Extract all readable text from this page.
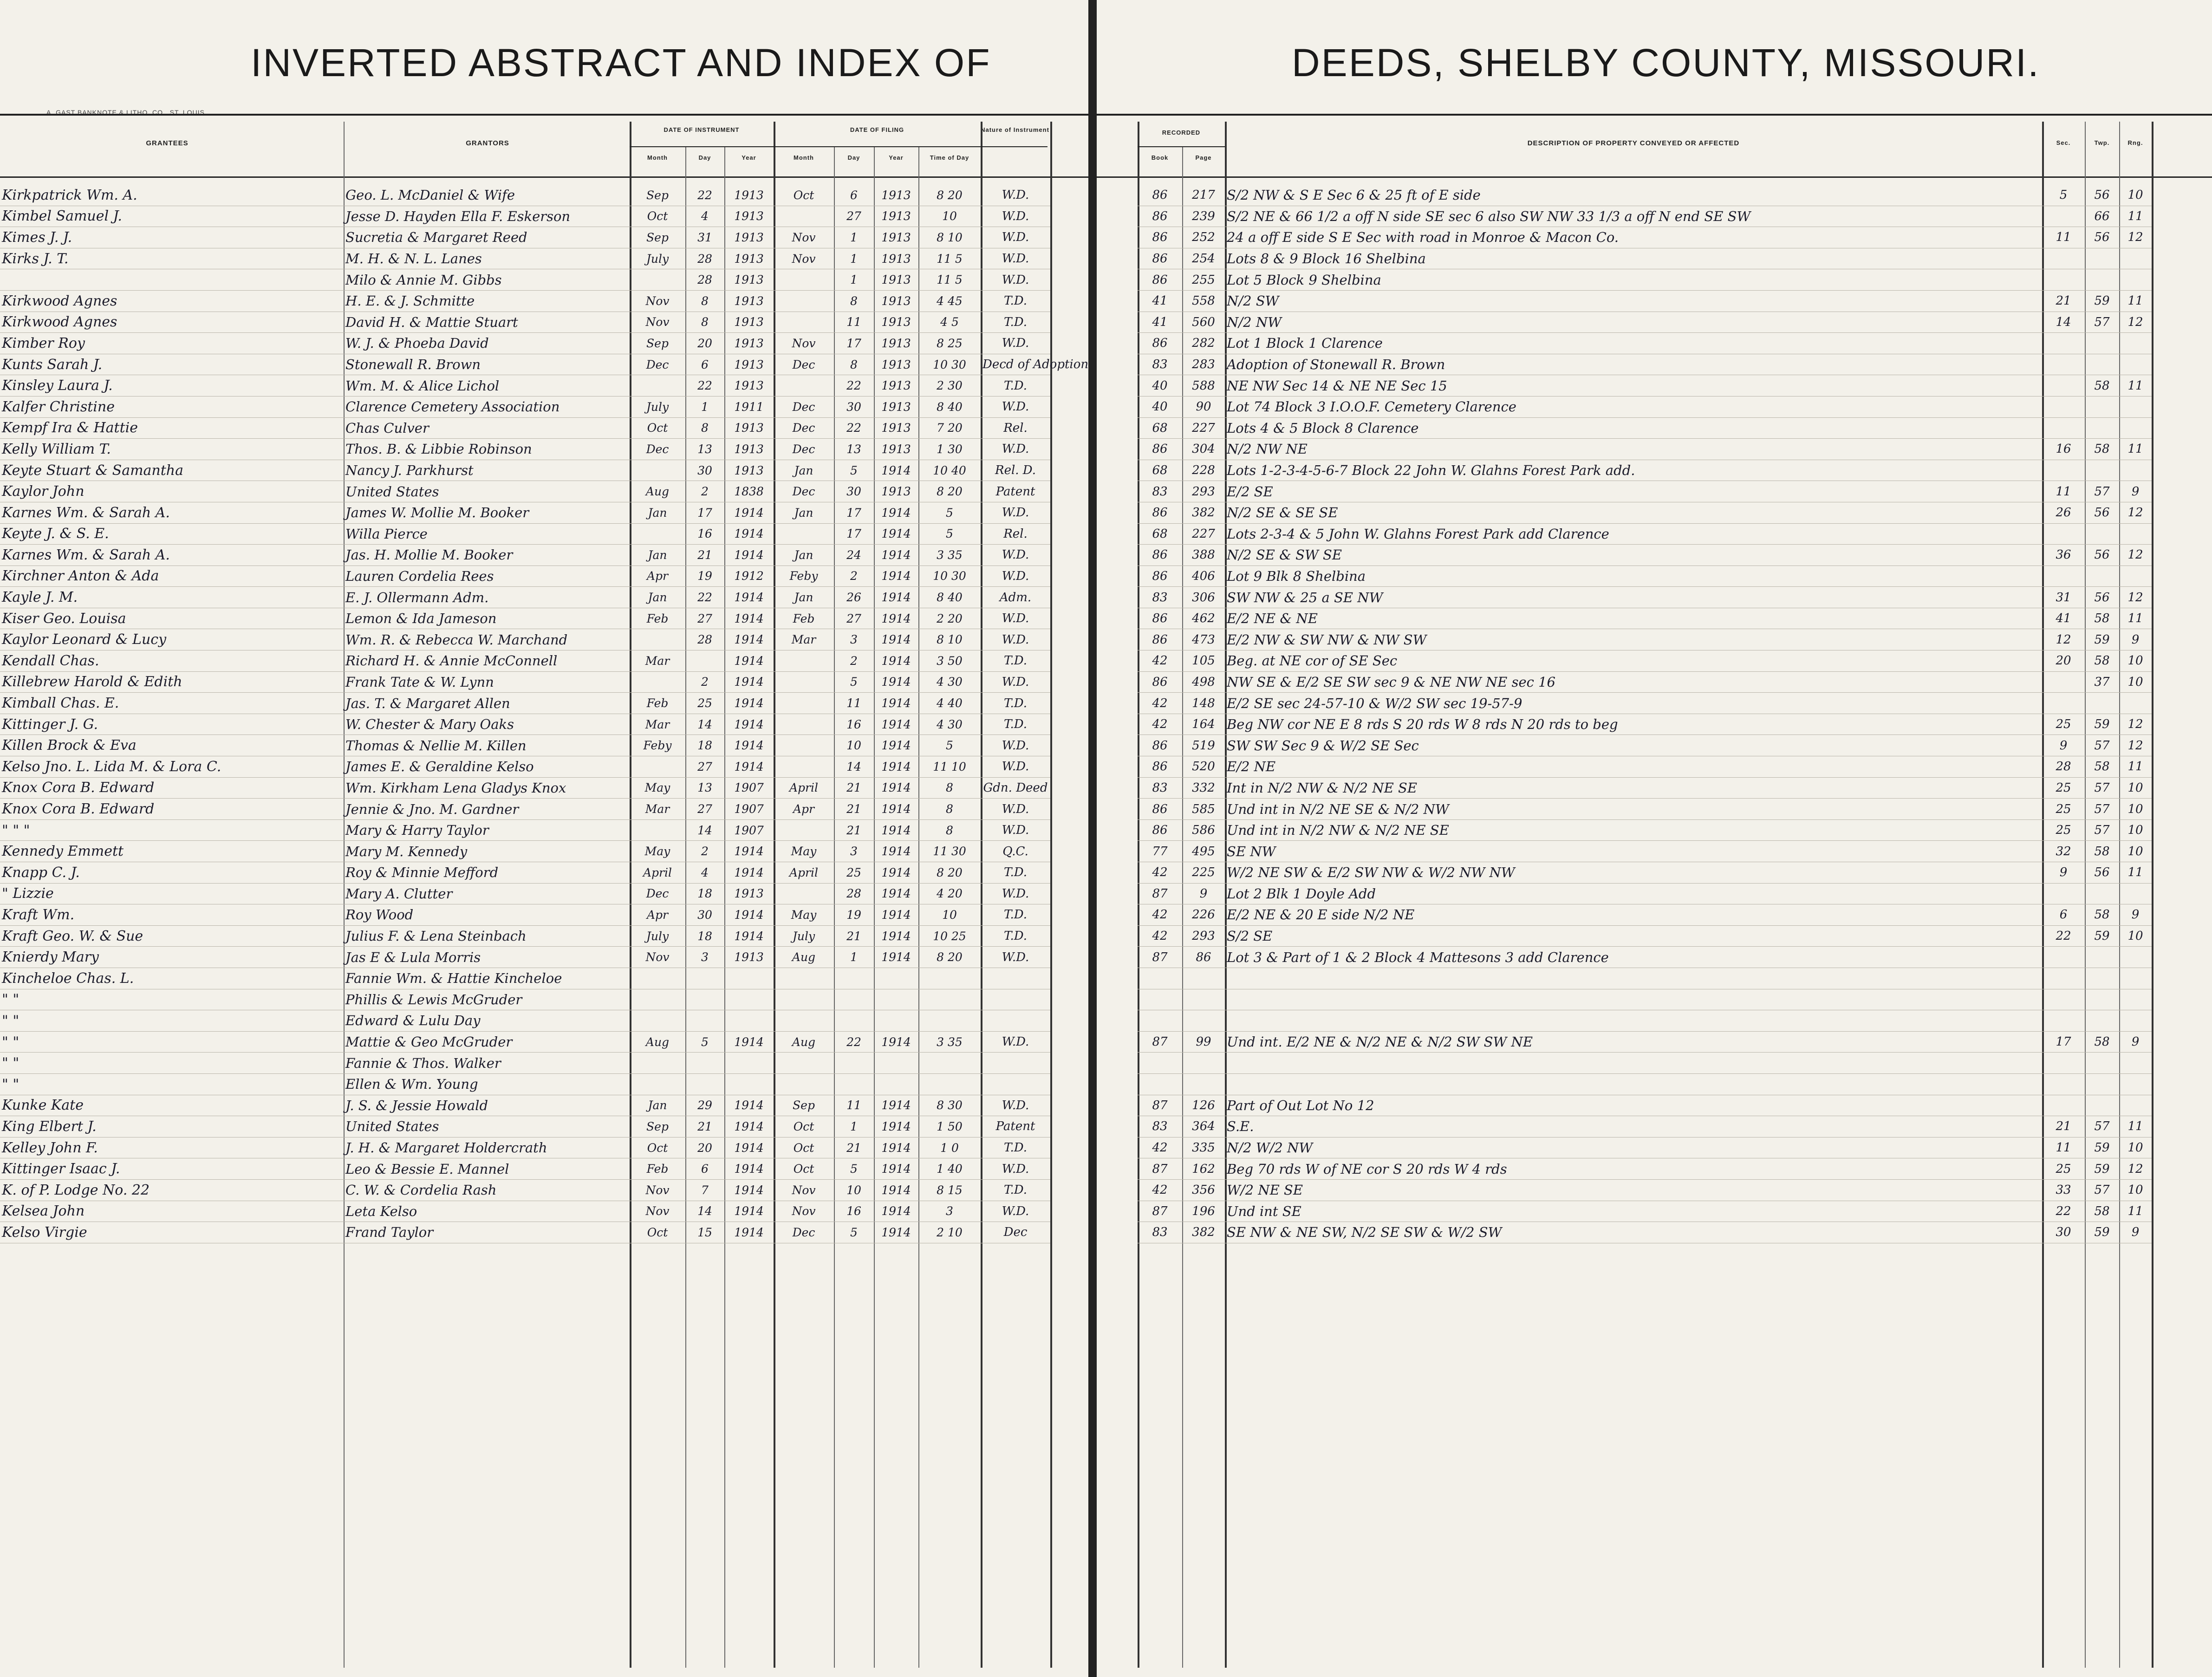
INVERTED ABSTRACT AND INDEX OF
A. GAST BANKNOTE & LITHO. CO., ST. LOUIS
GRANTEES	GRANTORS
DATE OF INSTRUMENT	DATE OF FILING	Nature of Instrument
Month	Day	Year	Month	Day	Year	Time of Day
Kirkpatrick Wm. A.	Geo. L. McDaniel & Wife	Sep	22	1913	Oct	6	1913	8 20	W.D.
Kimbel Samuel J.	Jesse D. Hayden Ella F. Eskerson	Oct	4	1913		27	1913	10	W.D.
Kimes J. J.	Sucretia & Margaret Reed	Sep	31	1913	Nov	1	1913	8 10	W.D.
Kirks J. T.	M. H. & N. L. Lanes	July	28	1913	Nov	1	1913	11 5	W.D.
	Milo & Annie M. Gibbs		28	1913		1	1913	11 5	W.D.
Kirkwood Agnes	H. E. & J. Schmitte	Nov	8	1913		8	1913	4 45	T.D.
Kirkwood Agnes	David H. & Mattie Stuart	Nov	8	1913		11	1913	4 5	T.D.
Kimber Roy	W. J. & Phoeba David	Sep	20	1913	Nov	17	1913	8 25	W.D.
Kunts Sarah J.	Stonewall R. Brown	Dec	6	1913	Dec	8	1913	10 30	Decd of Adoption
Kinsley Laura J.	Wm. M. & Alice Lichol		22	1913		22	1913	2 30	T.D.
Kalfer Christine	Clarence Cemetery Association	July	1	1911	Dec	30	1913	8 40	W.D.
Kempf Ira & Hattie	Chas Culver	Oct	8	1913	Dec	22	1913	7 20	Rel.
Kelly William T.	Thos. B. & Libbie Robinson	Dec	13	1913	Dec	13	1913	1 30	W.D.
Keyte Stuart & Samantha	Nancy J. Parkhurst		30	1913	Jan	5	1914	10 40	Rel. D.
Kaylor John	United States	Aug	2	1838	Dec	30	1913	8 20	Patent
Karnes Wm. & Sarah A.	James W. Mollie M. Booker	Jan	17	1914	Jan	17	1914	5	W.D.
Keyte J. & S. E.	Willa Pierce		16	1914		17	1914	5	Rel.
Karnes Wm. & Sarah A.	Jas. H. Mollie M. Booker	Jan	21	1914	Jan	24	1914	3 35	W.D.
Kirchner Anton & Ada	Lauren Cordelia Rees	Apr	19	1912	Feby	2	1914	10 30	W.D.
Kayle J. M.	E. J. Ollermann Adm.	Jan	22	1914	Jan	26	1914	8 40	Adm.
Kiser Geo. Louisa	Lemon & Ida Jameson	Feb	27	1914	Feb	27	1914	2 20	W.D.
Kaylor Leonard & Lucy	Wm. R. & Rebecca W. Marchand		28	1914	Mar	3	1914	8 10	W.D.
Kendall Chas.	Richard H. & Annie McConnell	Mar		1914		2	1914	3 50	T.D.
Killebrew Harold & Edith	Frank Tate & W. Lynn		2	1914		5	1914	4 30	W.D.
Kimball Chas. E.	Jas. T. & Margaret Allen	Feb	25	1914		11	1914	4 40	T.D.
Kittinger J. G.	W. Chester & Mary Oaks	Mar	14	1914		16	1914	4 30	T.D.
Killen Brock & Eva	Thomas & Nellie M. Killen	Feby	18	1914		10	1914	5	W.D.
Kelso Jno. L. Lida M. & Lora C.	James E. & Geraldine Kelso		27	1914		14	1914	11 10	W.D.
Knox Cora B. Edward	Wm. Kirkham Lena Gladys Knox	May	13	1907	April	21	1914	8	Gdn. Deed
Knox Cora B. Edward	Jennie & Jno. M. Gardner	Mar	27	1907	Apr	21	1914	8	W.D.
" " "	Mary & Harry Taylor		14	1907		21	1914	8	W.D.
Kennedy Emmett	Mary M. Kennedy	May	2	1914	May	3	1914	11 30	Q.C.
Knapp C. J.	Roy & Minnie Mefford	April	4	1914	April	25	1914	8 20	T.D.
" Lizzie	Mary A. Clutter	Dec	18	1913		28	1914	4 20	W.D.
Kraft Wm.	Roy Wood	Apr	30	1914	May	19	1914	10	T.D.
Kraft Geo. W. & Sue	Julius F. & Lena Steinbach	July	18	1914	July	21	1914	10 25	T.D.
Knierdy Mary	Jas E & Lula Morris	Nov	3	1913	Aug	1	1914	8 20	W.D.
Kincheloe Chas. L.	Fannie Wm. & Hattie Kincheloe								
" "	Phillis & Lewis McGruder								
" "	Edward & Lulu Day								
" "	Mattie & Geo McGruder	Aug	5	1914	Aug	22	1914	3 35	W.D.
" "	Fannie & Thos. Walker								
" "	Ellen & Wm. Young								
Kunke Kate	J. S. & Jessie Howald	Jan	29	1914	Sep	11	1914	8 30	W.D.
King Elbert J.	United States	Sep	21	1914	Oct	1	1914	1 50	Patent
Kelley John F.	J. H. & Margaret Holdercrath	Oct	20	1914	Oct	21	1914	1 0	T.D.
Kittinger Isaac J.	Leo & Bessie E. Mannel	Feb	6	1914	Oct	5	1914	1 40	W.D.
K. of P. Lodge No. 22	C. W. & Cordelia Rash	Nov	7	1914	Nov	10	1914	8 15	T.D.
Kelsea John	Leta Kelso	Nov	14	1914	Nov	16	1914	3	W.D.
Kelso Virgie	Frand Taylor	Oct	15	1914	Dec	5	1914	2 10	Dec
DEEDS, SHELBY COUNTY, MISSOURI.
RECORDED
Book	Page
DESCRIPTION OF PROPERTY CONVEYED OR AFFECTED	Sec.	Twp.	Rng.
86	217	S/2 NW & S E Sec 6 & 25 ft of E side	5	56	10
86	239	S/2 NE & 66 1/2 a off N side SE sec 6 also SW NW 33 1/3 a off N end SE SW		66	11
86	252	24 a off E side S E Sec with road in Monroe & Macon Co.	11	56	12
86	254	Lots 8 & 9 Block 16 Shelbina			
86	255	Lot 5 Block 9 Shelbina			
41	558	N/2 SW	21	59	11
41	560	N/2 NW	14	57	12
86	282	Lot 1 Block 1 Clarence			
83	283	Adoption of Stonewall R. Brown			
40	588	NE NW Sec 14 & NE NE Sec 15		58	11
40	90	Lot 74 Block 3 I.O.O.F. Cemetery Clarence			
68	227	Lots 4 & 5 Block 8 Clarence			
86	304	N/2 NW NE	16	58	11
68	228	Lots 1-2-3-4-5-6-7 Block 22 John W. Glahns Forest Park add.			
83	293	E/2 SE	11	57	9
86	382	N/2 SE & SE SE	26	56	12
68	227	Lots 2-3-4 & 5 John W. Glahns Forest Park add Clarence			
86	388	N/2 SE & SW SE	36	56	12
86	406	Lot 9 Blk 8 Shelbina			
83	306	SW NW & 25 a SE NW	31	56	12
86	462	E/2 NE & NE	41	58	11
86	473	E/2 NW & SW NW & NW SW	12	59	9
42	105	Beg. at NE cor of SE Sec	20	58	10
86	498	NW SE & E/2 SE SW sec 9 & NE NW NE sec 16		37	10
42	148	E/2 SE sec 24-57-10 & W/2 SW sec 19-57-9			
42	164	Beg NW cor NE E 8 rds S 20 rds W 8 rds N 20 rds to beg	25	59	12
86	519	SW SW Sec 9 & W/2 SE Sec	9	57	12
86	520	E/2 NE	28	58	11
83	332	Int in N/2 NW & N/2 NE SE	25	57	10
86	585	Und int in N/2 NE SE & N/2 NW	25	57	10
86	586	Und int in N/2 NW & N/2 NE SE	25	57	10
77	495	SE NW	32	58	10
42	225	W/2 NE SW & E/2 SW NW & W/2 NW NW	9	56	11
87	9	Lot 2 Blk 1 Doyle Add			
42	226	E/2 NE & 20 E side N/2 NE	6	58	9
42	293	S/2 SE	22	59	10
87	86	Lot 3 & Part of 1 & 2 Block 4 Mattesons 3 add Clarence			

87	99	Und int. E/2 NE & N/2 NE & N/2 SW SW NE	17	58	9

87	126	Part of Out Lot No 12			
83	364	S.E.	21	57	11
42	335	N/2 W/2 NW	11	59	10
87	162	Beg 70 rds W of NE cor S 20 rds W 4 rds	25	59	12
42	356	W/2 NE SE	33	57	10
87	196	Und int SE	22	58	11
83	382	SE NW & NE SW, N/2 SE SW & W/2 SW	30	59	9
